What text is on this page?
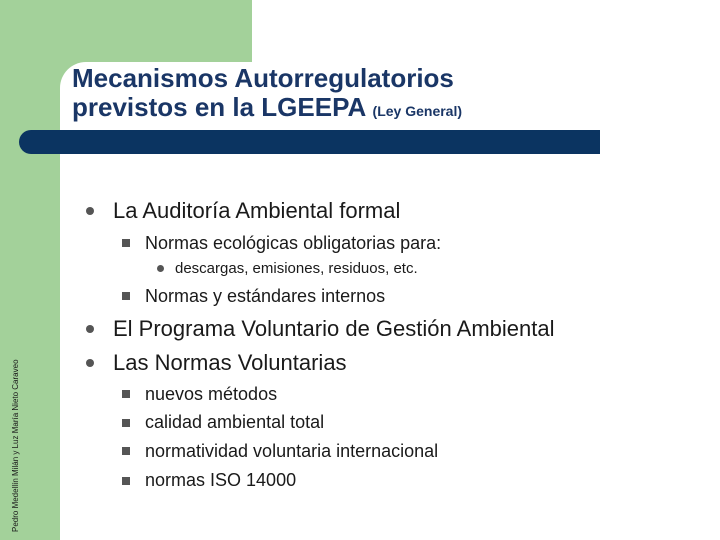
Mecanismos Autorregulatorios
previstos en la LGEEPA (Ley General)
Pedro Medellín Milán y Luz María Nieto Caraveo
La Auditoría Ambiental formal
Normas ecológicas obligatorias para:
descargas, emisiones, residuos, etc.
Normas y estándares internos
El Programa Voluntario de Gestión Ambiental
Las Normas Voluntarias
nuevos métodos
calidad ambiental total
normatividad voluntaria internacional
normas ISO 14000
